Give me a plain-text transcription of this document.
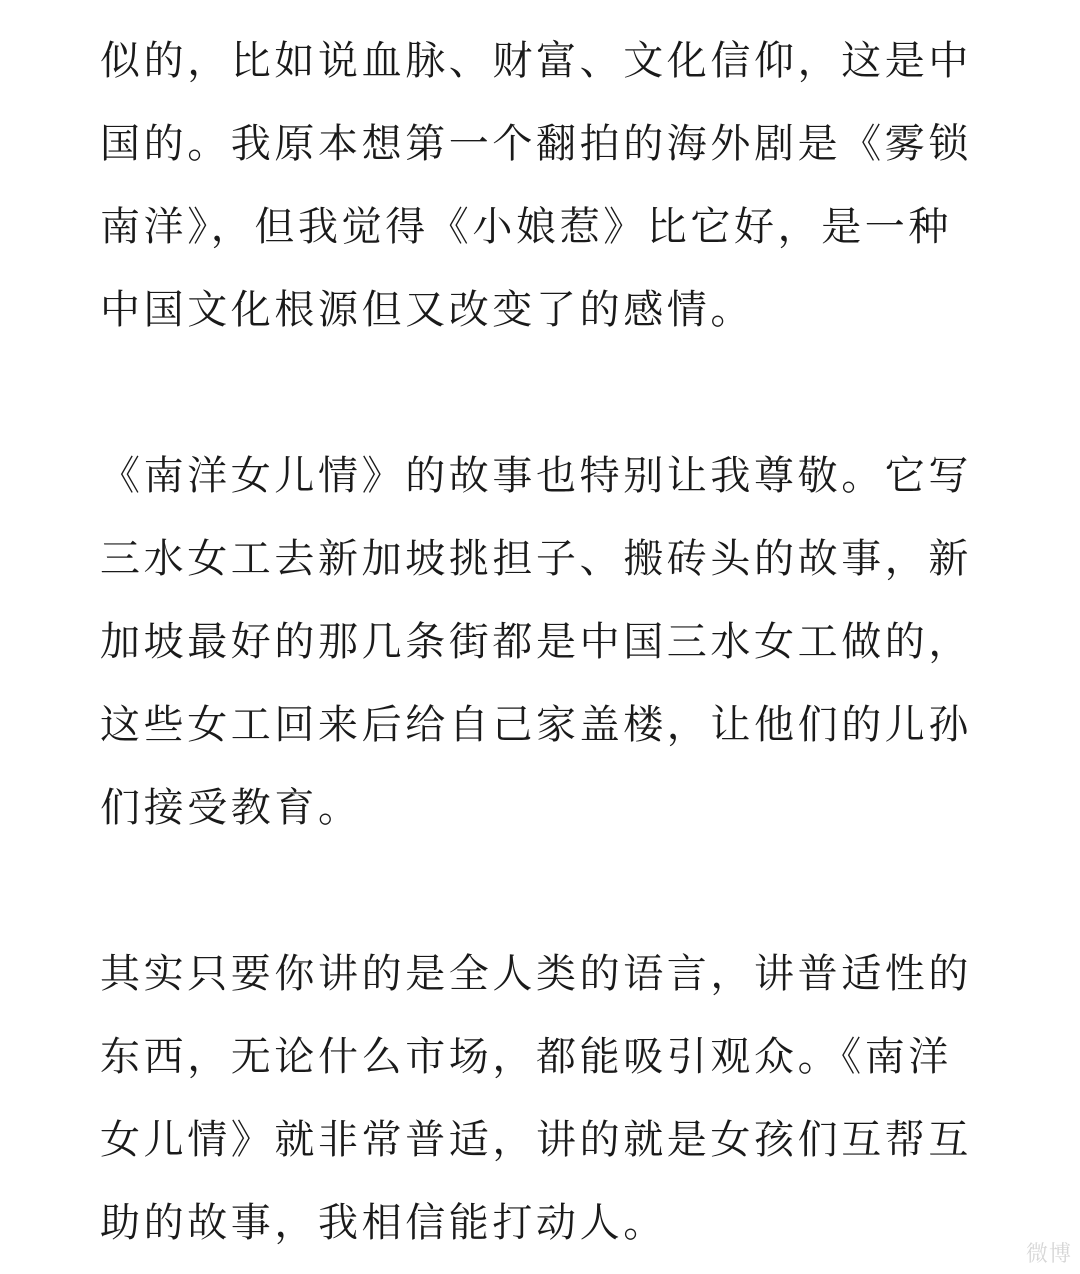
似的，比如说血脉、财富、文化信仰，这是中
国的。我原本想第一个翻拍的海外剧是《雾锁
南洋》，但我觉得《小娘惹》比它好，是一种
中国文化根源但又改变了的感情。
《南洋女儿情》的故事也特别让我尊敬。它写
三水女工去新加坡挑担子、搬砖头的故事，新
加坡最好的那几条街都是中国三水女工做的，
这些女工回来后给自己家盖楼，让他们的儿孙
们接受教育。
其实只要你讲的是全人类的语言，讲普适性的
东西，无论什么市场，都能吸引观众。《南洋
女儿情》就非常普适，讲的就是女孩们互帮互
助的故事，我相信能打动人。
微博
